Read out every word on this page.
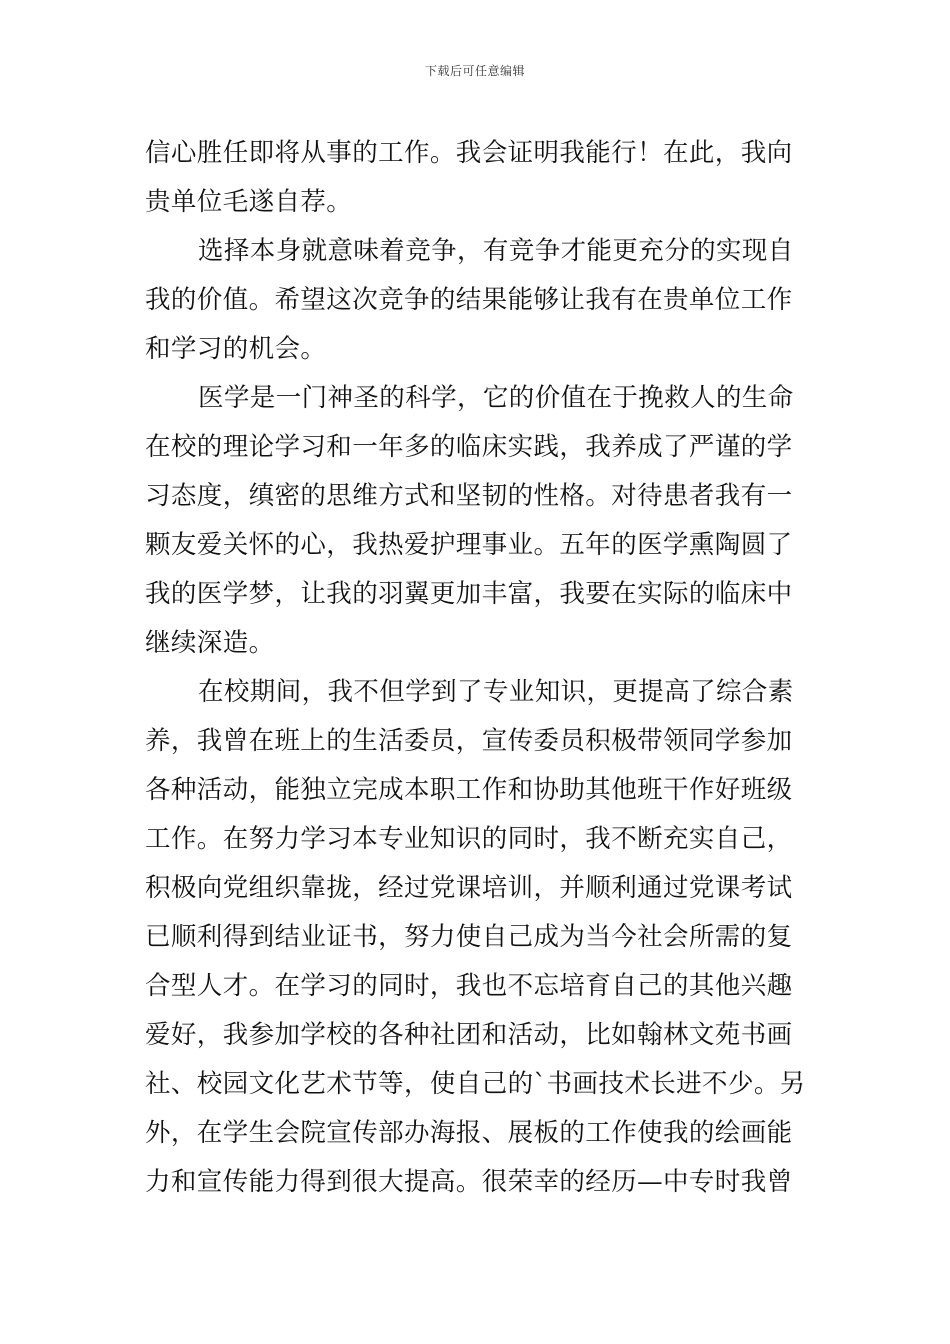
下载后可任意编辑
信心胜任即将从事的工作。我会证明我能行！在此，我向
贵单位毛遂自荐。
选择本身就意味着竞争，有竞争才能更充分的实现自
我的价值。希望这次竞争的结果能够让我有在贵单位工作
和学习的机会。
医学是一门神圣的科学，它的价值在于挽救人的生命
在校的理论学习和一年多的临床实践，我养成了严谨的学
习态度，缜密的思维方式和坚韧的性格。对待患者我有一
颗友爱关怀的心，我热爱护理事业。五年的医学熏陶圆了
我的医学梦，让我的羽翼更加丰富，我要在实际的临床中
继续深造。
在校期间，我不但学到了专业知识，更提高了综合素
养，我曾在班上的生活委员，宣传委员积极带领同学参加
各种活动，能独立完成本职工作和协助其他班干作好班级
工作。在努力学习本专业知识的同时，我不断充实自己，
积极向党组织靠拢，经过党课培训，并顺利通过党课考试
已顺利得到结业证书，努力使自己成为当今社会所需的复
合型人才。在学习的同时，我也不忘培育自己的其他兴趣
爱好，我参加学校的各种社团和活动，比如翰林文苑书画
社、校园文化艺术节等，使自己的`书画技术长进不少。另
外，在学生会院宣传部办海报、展板的工作使我的绘画能
力和宣传能力得到很大提高。很荣幸的经历—中专时我曾
